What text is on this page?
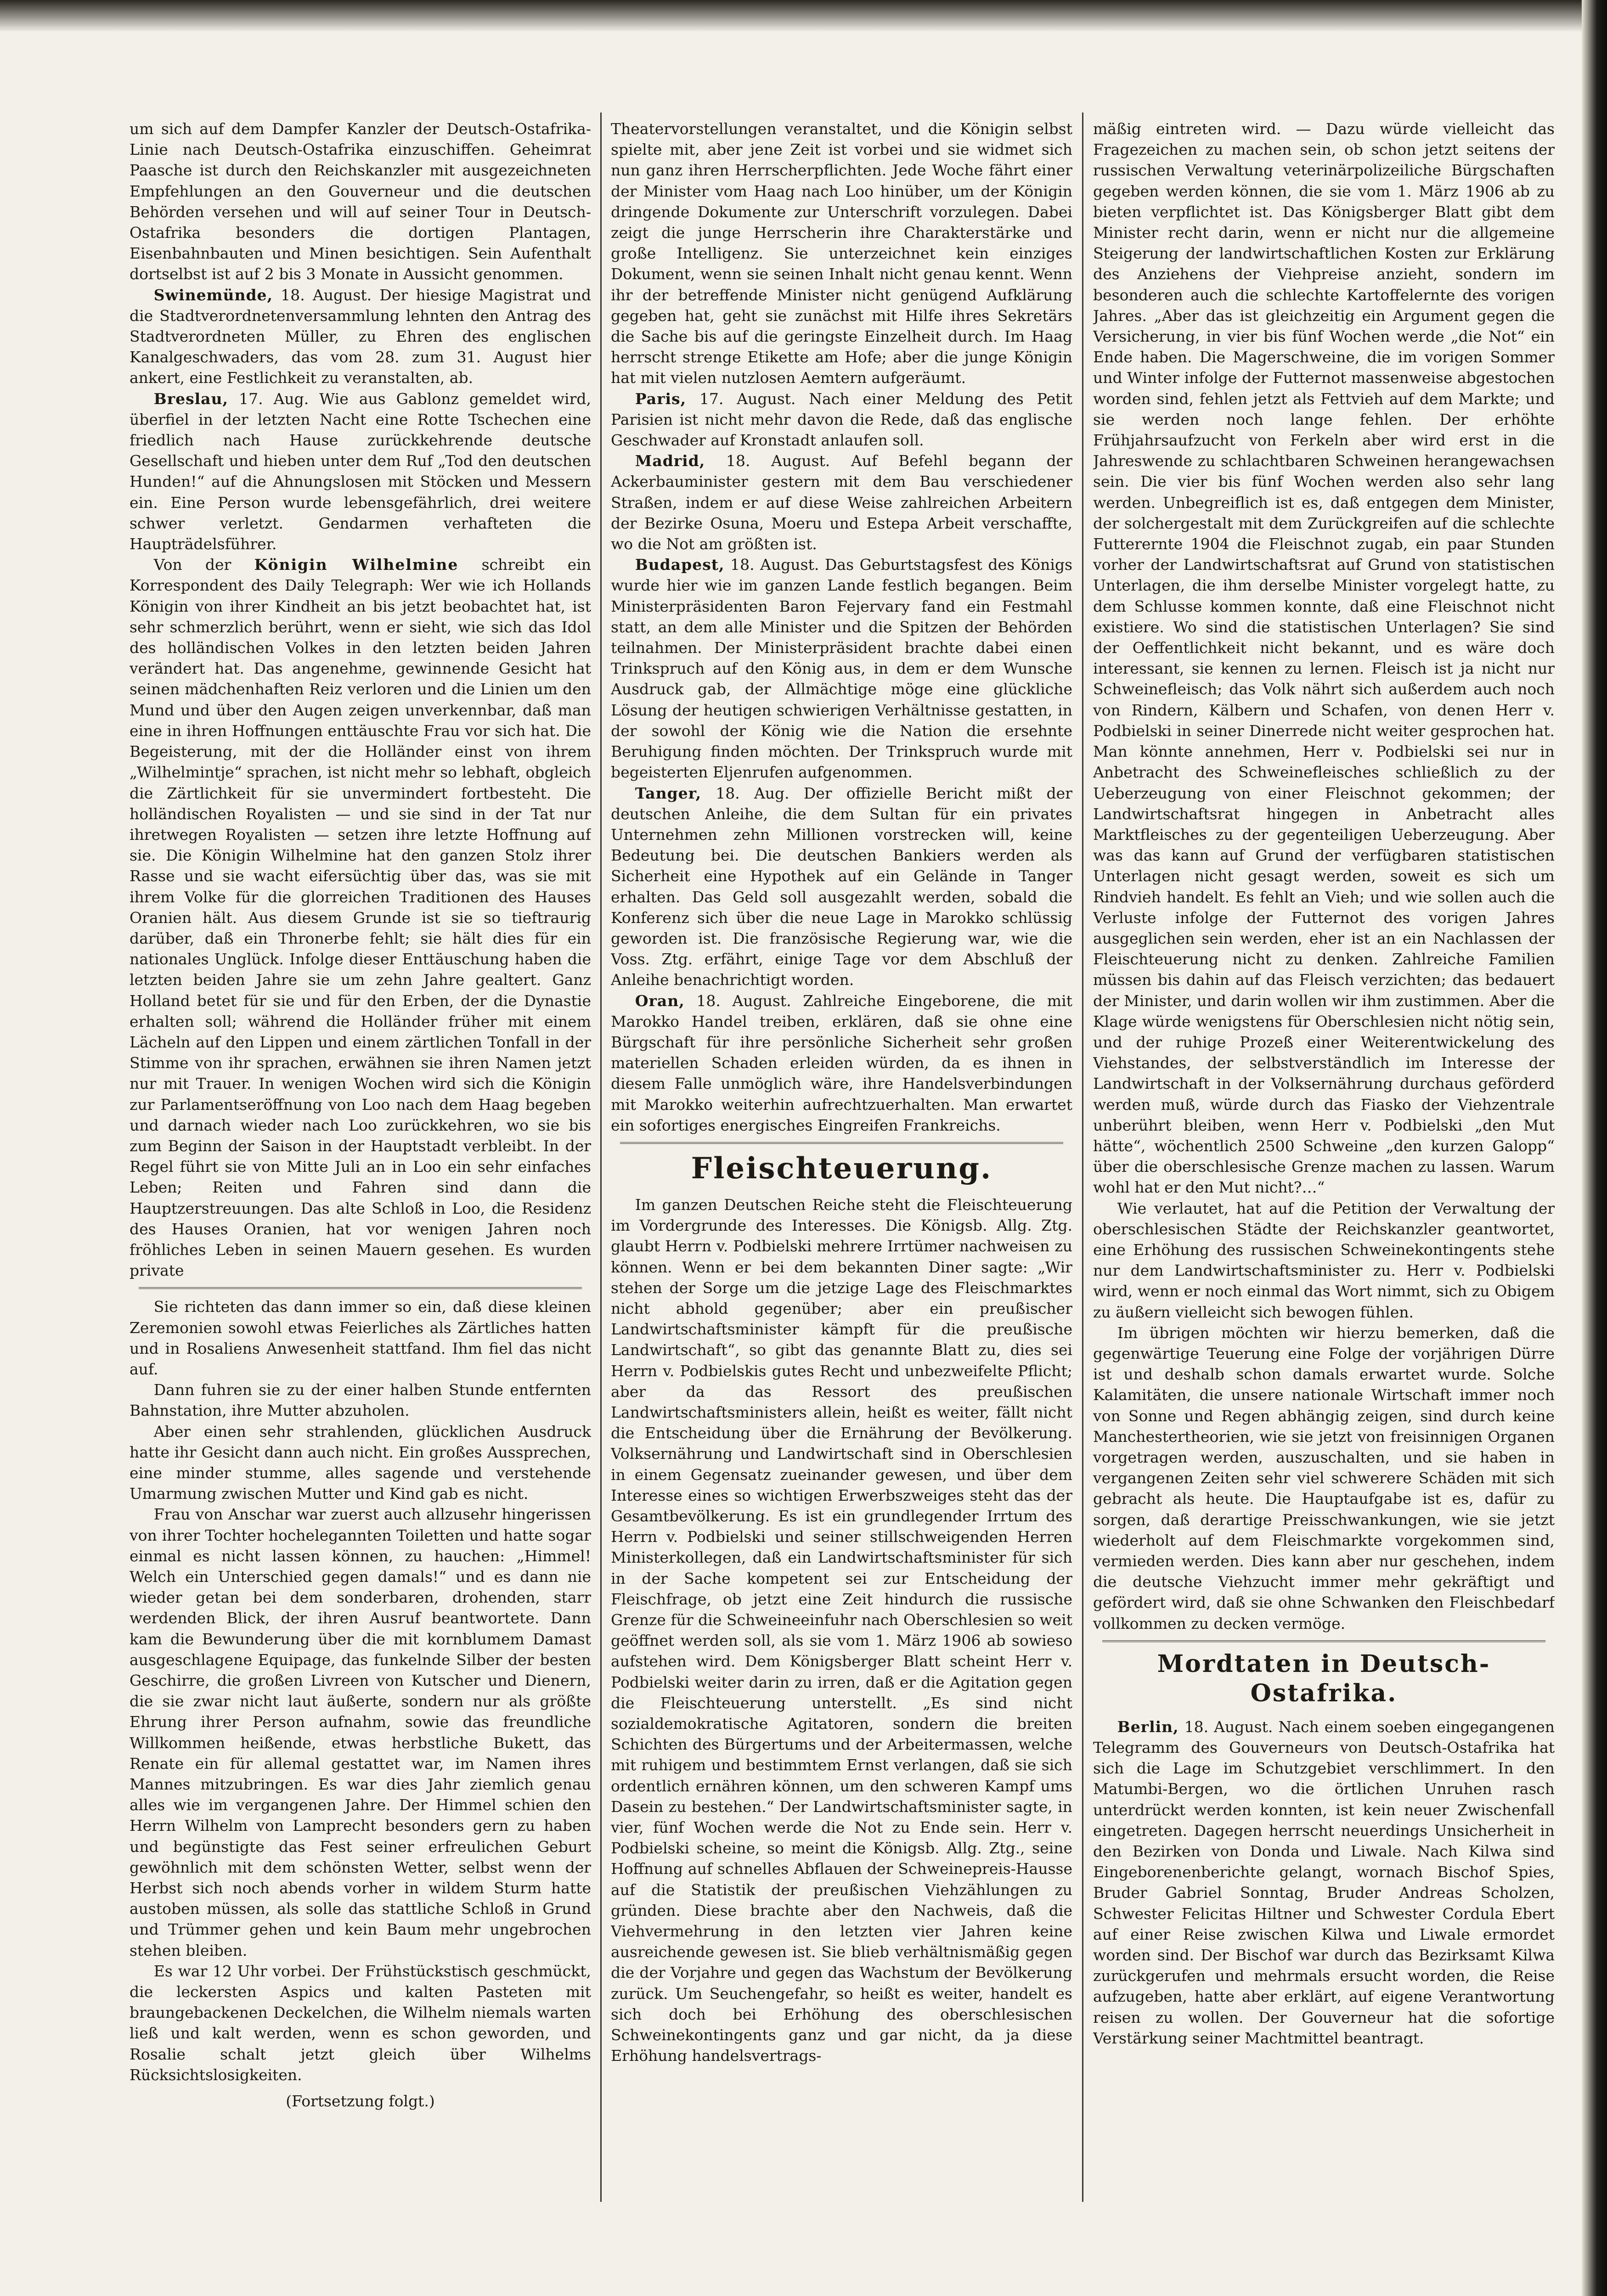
um sich auf dem Dampfer Kanzler der Deutsch-Ostafrika-Linie nach Deutsch-Ostafrika einzuschiffen. Geheimrat Paasche ist durch den Reichskanzler mit ausgezeichneten Empfehlungen an den Gouverneur und die deutschen Behörden versehen und will auf seiner Tour in Deutsch-Ostafrika besonders die dortigen Plantagen, Eisenbahnbauten und Minen besichtigen. Sein Aufenthalt dortselbst ist auf 2 bis 3 Monate in Aussicht genommen.

Swinemünde, 18. August. Der hiesige Magistrat und die Stadtverordnetenversammlung lehnten den Antrag des Stadtverordneten Müller, zu Ehren des englischen Kanalgeschwaders, das vom 28. zum 31. August hier ankert, eine Festlichkeit zu veranstalten, ab.

Breslau, 17. Aug. Wie aus Gablonz gemeldet wird, überfiel in der letzten Nacht eine Rotte Tschechen eine friedlich nach Hause zurückkehrende deutsche Gesellschaft und hieben unter dem Ruf „Tod den deutschen Hunden!“ auf die Ahnungslosen mit Stöcken und Messern ein. Eine Person wurde lebensgefährlich, drei weitere schwer verletzt. Gendarmen verhafteten die Haupträdelsführer.

Von der Königin Wilhelmine schreibt ein Korrespondent des Daily Telegraph: Wer wie ich Hollands Königin von ihrer Kindheit an bis jetzt beobachtet hat, ist sehr schmerzlich berührt, wenn er sieht, wie sich das Idol des holländischen Volkes in den letzten beiden Jahren verändert hat. Das angenehme, gewinnende Gesicht hat seinen mädchenhaften Reiz verloren und die Linien um den Mund und über den Augen zeigen unverkennbar, daß man eine in ihren Hoffnungen enttäuschte Frau vor sich hat. Die Begeisterung, mit der die Holländer einst von ihrem „Wilhelmintje“ sprachen, ist nicht mehr so lebhaft, obgleich die Zärtlichkeit für sie unvermindert fortbesteht. Die holländischen Royalisten — und sie sind in der Tat nur ihretwegen Royalisten — setzen ihre letzte Hoffnung auf sie. Die Königin Wilhelmine hat den ganzen Stolz ihrer Rasse und sie wacht eifersüchtig über das, was sie mit ihrem Volke für die glorreichen Traditionen des Hauses Oranien hält. Aus diesem Grunde ist sie so tieftraurig darüber, daß ein Thronerbe fehlt; sie hält dies für ein nationales Unglück. Infolge dieser Enttäuschung haben die letzten beiden Jahre sie um zehn Jahre gealtert. Ganz Holland betet für sie und für den Erben, der die Dynastie erhalten soll; während die Holländer früher mit einem Lächeln auf den Lippen und einem zärtlichen Tonfall in der Stimme von ihr sprachen, erwähnen sie ihren Namen jetzt nur mit Trauer. In wenigen Wochen wird sich die Königin zur Parlamentseröffnung von Loo nach dem Haag begeben und darnach wieder nach Loo zurückkehren, wo sie bis zum Beginn der Saison in der Hauptstadt verbleibt. In der Regel führt sie von Mitte Juli an in Loo ein sehr einfaches Leben; Reiten und Fahren sind dann die Hauptzerstreuungen. Das alte Schloß in Loo, die Residenz des Hauses Oranien, hat vor wenigen Jahren noch fröhliches Leben in seinen Mauern gesehen. Es wurden private

Sie richteten das dann immer so ein, daß diese kleinen Zeremonien sowohl etwas Feierliches als Zärtliches hatten und in Rosaliens Anwesenheit stattfand. Ihm fiel das nicht auf.

Dann fuhren sie zu der einer halben Stunde entfernten Bahnstation, ihre Mutter abzuholen.

Aber einen sehr strahlenden, glücklichen Ausdruck hatte ihr Gesicht dann auch nicht. Ein großes Aussprechen, eine minder stumme, alles sagende und verstehende Umarmung zwischen Mutter und Kind gab es nicht.

Frau von Anschar war zuerst auch allzusehr hingerissen von ihrer Tochter hochelegannten Toiletten und hatte sogar einmal es nicht lassen können, zu hauchen: „Himmel! Welch ein Unterschied gegen damals!“ und es dann nie wieder getan bei dem sonderbaren, drohenden, starr werdenden Blick, der ihren Ausruf beantwortete. Dann kam die Bewunderung über die mit kornblumem Damast ausgeschlagene Equipage, das funkelnde Silber der besten Geschirre, die großen Livreen von Kutscher und Dienern, die sie zwar nicht laut äußerte, sondern nur als größte Ehrung ihrer Person aufnahm, sowie das freundliche Willkommen heißende, etwas herbstliche Bukett, das Renate ein für allemal gestattet war, im Namen ihres Mannes mitzubringen. Es war dies Jahr ziemlich genau alles wie im vergangenen Jahre. Der Himmel schien den Herrn Wilhelm von Lamprecht besonders gern zu haben und begünstigte das Fest seiner erfreulichen Geburt gewöhnlich mit dem schönsten Wetter, selbst wenn der Herbst sich noch abends vorher in wildem Sturm hatte austoben müssen, als solle das stattliche Schloß in Grund und Trümmer gehen und kein Baum mehr ungebrochen stehen bleiben.

Es war 12 Uhr vorbei. Der Frühstückstisch geschmückt, die leckersten Aspics und kalten Pasteten mit braungebackenen Deckelchen, die Wilhelm niemals warten ließ und kalt werden, wenn es schon geworden, und Rosalie schalt jetzt gleich über Wilhelms Rücksichtslosigkeiten.

(Fortsetzung folgt.)

Theatervorstellungen veranstaltet, und die Königin selbst spielte mit, aber jene Zeit ist vorbei und sie widmet sich nun ganz ihren Herrscherpflichten. Jede Woche fährt einer der Minister vom Haag nach Loo hinüber, um der Königin dringende Dokumente zur Unterschrift vorzulegen. Dabei zeigt die junge Herrscherin ihre Charakterstärke und große Intelligenz. Sie unterzeichnet kein einziges Dokument, wenn sie seinen Inhalt nicht genau kennt. Wenn ihr der betreffende Minister nicht genügend Aufklärung gegeben hat, geht sie zunächst mit Hilfe ihres Sekretärs die Sache bis auf die geringste Einzelheit durch. Im Haag herrscht strenge Etikette am Hofe; aber die junge Königin hat mit vielen nutzlosen Aemtern aufgeräumt.

Paris, 17. August. Nach einer Meldung des Petit Parisien ist nicht mehr davon die Rede, daß das englische Geschwader auf Kronstadt anlaufen soll.

Madrid, 18. August. Auf Befehl begann der Ackerbauminister gestern mit dem Bau verschiedener Straßen, indem er auf diese Weise zahlreichen Arbeitern der Bezirke Osuna, Moeru und Estepa Arbeit verschaffte, wo die Not am größten ist.

Budapest, 18. August. Das Geburtstagsfest des Königs wurde hier wie im ganzen Lande festlich begangen. Beim Ministerpräsidenten Baron Fejervary fand ein Festmahl statt, an dem alle Minister und die Spitzen der Behörden teilnahmen. Der Ministerpräsident brachte dabei einen Trinkspruch auf den König aus, in dem er dem Wunsche Ausdruck gab, der Allmächtige möge eine glückliche Lösung der heutigen schwierigen Verhältnisse gestatten, in der sowohl der König wie die Nation die ersehnte Beruhigung finden möchten. Der Trinkspruch wurde mit begeisterten Eljenrufen aufgenommen.

Tanger, 18. Aug. Der offizielle Bericht mißt der deutschen Anleihe, die dem Sultan für ein privates Unternehmen zehn Millionen vorstrecken will, keine Bedeutung bei. Die deutschen Bankiers werden als Sicherheit eine Hypothek auf ein Gelände in Tanger erhalten. Das Geld soll ausgezahlt werden, sobald die Konferenz sich über die neue Lage in Marokko schlüssig geworden ist. Die französische Regierung war, wie die Voss. Ztg. erfährt, einige Tage vor dem Abschluß der Anleihe benachrichtigt worden.

Oran, 18. August. Zahlreiche Eingeborene, die mit Marokko Handel treiben, erklären, daß sie ohne eine Bürgschaft für ihre persönliche Sicherheit sehr großen materiellen Schaden erleiden würden, da es ihnen in diesem Falle unmöglich wäre, ihre Handelsverbindungen mit Marokko weiterhin aufrechtzuerhalten. Man erwartet ein sofortiges energisches Eingreifen Frankreichs.

Fleischteuerung.

Im ganzen Deutschen Reiche steht die Fleischteuerung im Vordergrunde des Interesses. Die Königsb. Allg. Ztg. glaubt Herrn v. Podbielski mehrere Irrtümer nachweisen zu können. Wenn er bei dem bekannten Diner sagte: „Wir stehen der Sorge um die jetzige Lage des Fleischmarktes nicht abhold gegenüber; aber ein preußischer Landwirtschaftsminister kämpft für die preußische Landwirtschaft“, so gibt das genannte Blatt zu, dies sei Herrn v. Podbielskis gutes Recht und unbezweifelte Pflicht; aber da das Ressort des preußischen Landwirtschaftsministers allein, heißt es weiter, fällt nicht die Entscheidung über die Ernährung der Bevölkerung. Volksernährung und Landwirtschaft sind in Oberschlesien in einem Gegensatz zueinander gewesen, und über dem Interesse eines so wichtigen Erwerbszweiges steht das der Gesamtbevölkerung. Es ist ein grundlegender Irrtum des Herrn v. Podbielski und seiner stillschweigenden Herren Ministerkollegen, daß ein Landwirtschaftsminister für sich in der Sache kompetent sei zur Entscheidung der Fleischfrage, ob jetzt eine Zeit hindurch die russische Grenze für die Schweineeinfuhr nach Oberschlesien so weit geöffnet werden soll, als sie vom 1. März 1906 ab sowieso aufstehen wird. Dem Königsberger Blatt scheint Herr v. Podbielski weiter darin zu irren, daß er die Agitation gegen die Fleischteuerung unterstellt. „Es sind nicht sozialdemokratische Agitatoren, sondern die breiten Schichten des Bürgertums und der Arbeitermassen, welche mit ruhigem und bestimmtem Ernst verlangen, daß sie sich ordentlich ernähren können, um den schweren Kampf ums Dasein zu bestehen.“ Der Landwirtschaftsminister sagte, in vier, fünf Wochen werde die Not zu Ende sein. Herr v. Podbielski scheine, so meint die Königsb. Allg. Ztg., seine Hoffnung auf schnelles Abflauen der Schweinepreis-Hausse auf die Statistik der preußischen Viehzählungen zu gründen. Diese brachte aber den Nachweis, daß die Viehvermehrung in den letzten vier Jahren keine ausreichende gewesen ist. Sie blieb verhältnismäßig gegen die der Vorjahre und gegen das Wachstum der Bevölkerung zurück. Um Seuchengefahr, so heißt es weiter, handelt es sich doch bei Erhöhung des oberschlesischen Schweinekontingents ganz und gar nicht, da ja diese Erhöhung handelsvertrags-

mäßig eintreten wird. — Dazu würde vielleicht das Fragezeichen zu machen sein, ob schon jetzt seitens der russischen Verwaltung veterinärpolizeiliche Bürgschaften gegeben werden können, die sie vom 1. März 1906 ab zu bieten verpflichtet ist. Das Königsberger Blatt gibt dem Minister recht darin, wenn er nicht nur die allgemeine Steigerung der landwirtschaftlichen Kosten zur Erklärung des Anziehens der Viehpreise anzieht, sondern im besonderen auch die schlechte Kartoffelernte des vorigen Jahres. „Aber das ist gleichzeitig ein Argument gegen die Versicherung, in vier bis fünf Wochen werde „die Not“ ein Ende haben. Die Magerschweine, die im vorigen Sommer und Winter infolge der Futternot massenweise abgestochen worden sind, fehlen jetzt als Fettvieh auf dem Markte; und sie werden noch lange fehlen. Der erhöhte Frühjahrsaufzucht von Ferkeln aber wird erst in die Jahreswende zu schlachtbaren Schweinen herangewachsen sein. Die vier bis fünf Wochen werden also sehr lang werden. Unbegreiflich ist es, daß entgegen dem Minister, der solchergestalt mit dem Zurückgreifen auf die schlechte Futterernte 1904 die Fleischnot zugab, ein paar Stunden vorher der Landwirtschaftsrat auf Grund von statistischen Unterlagen, die ihm derselbe Minister vorgelegt hatte, zu dem Schlusse kommen konnte, daß eine Fleischnot nicht existiere. Wo sind die statistischen Unterlagen? Sie sind der Oeffentlichkeit nicht bekannt, und es wäre doch interessant, sie kennen zu lernen. Fleisch ist ja nicht nur Schweinefleisch; das Volk nährt sich außerdem auch noch von Rindern, Kälbern und Schafen, von denen Herr v. Podbielski in seiner Dinerrede nicht weiter gesprochen hat. Man könnte annehmen, Herr v. Podbielski sei nur in Anbetracht des Schweinefleisches schließlich zu der Ueberzeugung von einer Fleischnot gekommen; der Landwirtschaftsrat hingegen in Anbetracht alles Marktfleisches zu der gegenteiligen Ueberzeugung. Aber was das kann auf Grund der verfügbaren statistischen Unterlagen nicht gesagt werden, soweit es sich um Rindvieh handelt. Es fehlt an Vieh; und wie sollen auch die Verluste infolge der Futternot des vorigen Jahres ausgeglichen sein werden, eher ist an ein Nachlassen der Fleischteuerung nicht zu denken. Zahlreiche Familien müssen bis dahin auf das Fleisch verzichten; das bedauert der Minister, und darin wollen wir ihm zustimmen. Aber die Klage würde wenigstens für Oberschlesien nicht nötig sein, und der ruhige Prozeß einer Weiterentwickelung des Viehstandes, der selbstverständlich im Interesse der Landwirtschaft in der Volksernährung durchaus geförderd werden muß, würde durch das Fiasko der Viehzentrale unberührt bleiben, wenn Herr v. Podbielski „den Mut hätte“, wöchentlich 2500 Schweine „den kurzen Galopp“ über die oberschlesische Grenze machen zu lassen. Warum wohl hat er den Mut nicht?…“

Wie verlautet, hat auf die Petition der Verwaltung der oberschlesischen Städte der Reichskanzler geantwortet, eine Erhöhung des russischen Schweinekontingents stehe nur dem Landwirtschaftsminister zu. Herr v. Podbielski wird, wenn er noch einmal das Wort nimmt, sich zu Obigem zu äußern vielleicht sich bewogen fühlen.

Im übrigen möchten wir hierzu bemerken, daß die gegenwärtige Teuerung eine Folge der vorjährigen Dürre ist und deshalb schon damals erwartet wurde. Solche Kalamitäten, die unsere nationale Wirtschaft immer noch von Sonne und Regen abhängig zeigen, sind durch keine Manchestertheorien, wie sie jetzt von freisinnigen Organen vorgetragen werden, auszuschalten, und sie haben in vergangenen Zeiten sehr viel schwerere Schäden mit sich gebracht als heute. Die Hauptaufgabe ist es, dafür zu sorgen, daß derartige Preisschwankungen, wie sie jetzt wiederholt auf dem Fleischmarkte vorgekommen sind, vermieden werden. Dies kann aber nur geschehen, indem die deutsche Viehzucht immer mehr gekräftigt und gefördert wird, daß sie ohne Schwanken den Fleischbedarf vollkommen zu decken vermöge.

Mordtaten in Deutsch-Ostafrika.

Berlin, 18. August. Nach einem soeben eingegangenen Telegramm des Gouverneurs von Deutsch-Ostafrika hat sich die Lage im Schutzgebiet verschlimmert. In den Matumbi-Bergen, wo die örtlichen Unruhen rasch unterdrückt werden konnten, ist kein neuer Zwischenfall eingetreten. Dagegen herrscht neuerdings Unsicherheit in den Bezirken von Donda und Liwale. Nach Kilwa sind Eingeborenenberichte gelangt, wornach Bischof Spies, Bruder Gabriel Sonntag, Bruder Andreas Scholzen, Schwester Felicitas Hiltner und Schwester Cordula Ebert auf einer Reise zwischen Kilwa und Liwale ermordet worden sind. Der Bischof war durch das Bezirksamt Kilwa zurückgerufen und mehrmals ersucht worden, die Reise aufzugeben, hatte aber erklärt, auf eigene Verantwortung reisen zu wollen. Der Gouverneur hat die sofortige Verstärkung seiner Machtmittel beantragt.
